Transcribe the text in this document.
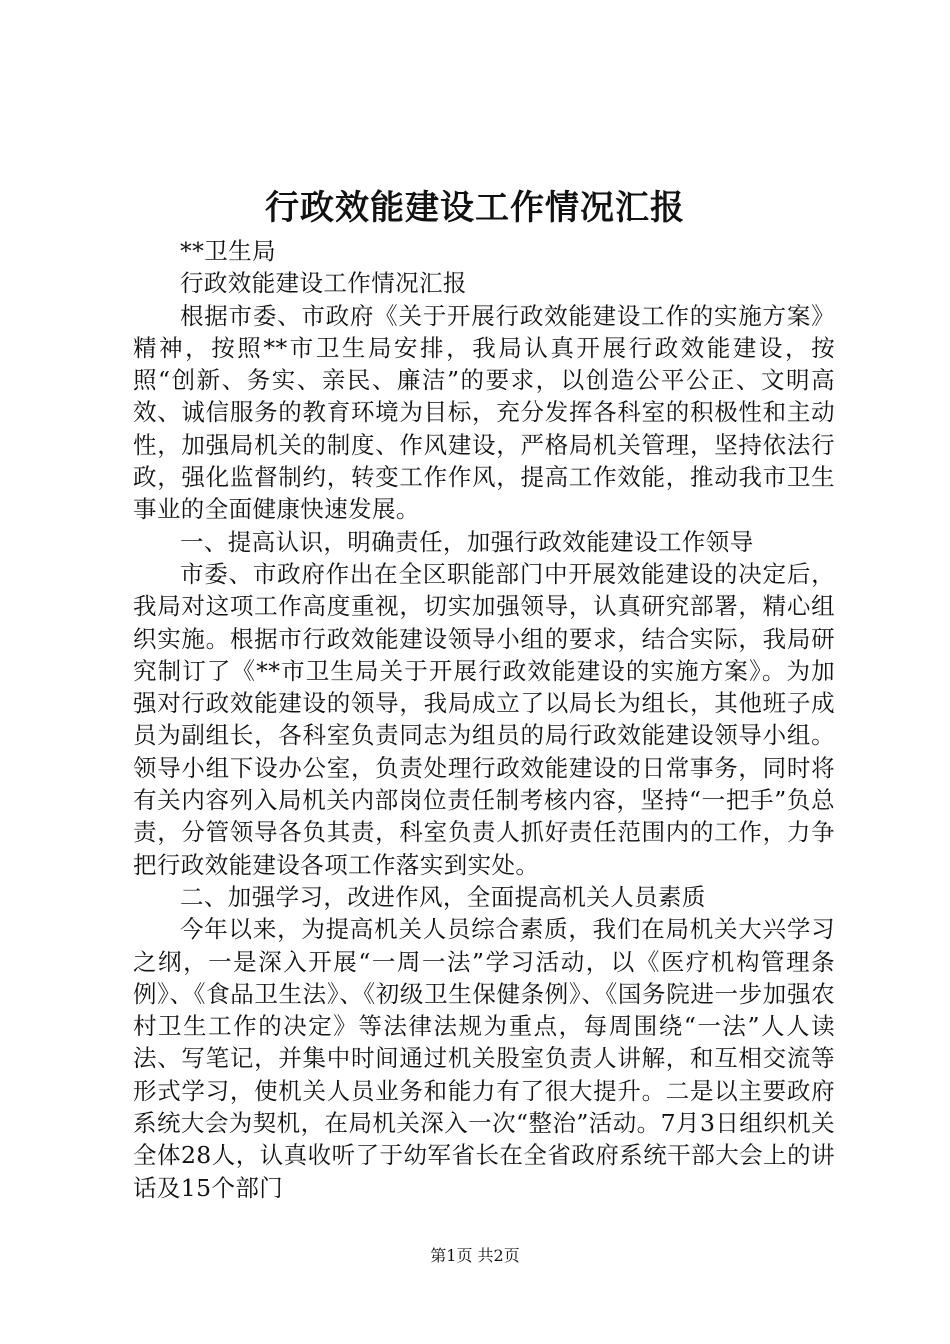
行政效能建设工作情况汇报

**卫生局

行政效能建设工作情况汇报

根据市委、市政府《关于开展行政效能建设工作的实施方案》精神，按照**市卫生局安排，我局认真开展行政效能建设，按照“创新、务实、亲民、廉洁”的要求，以创造公平公正、文明高效、诚信服务的教育环境为目标，充分发挥各科室的积极性和主动性，加强局机关的制度、作风建设，严格局机关管理，坚持依法行政，强化监督制约，转变工作作风，提高工作效能，推动我市卫生事业的全面健康快速发展。

一、提高认识，明确责任，加强行政效能建设工作领导

市委、市政府作出在全区职能部门中开展效能建设的决定后，我局对这项工作高度重视，切实加强领导，认真研究部署，精心组织实施。根据市行政效能建设领导小组的要求，结合实际，我局研究制订了《**市卫生局关于开展行政效能建设的实施方案》。为加强对行政效能建设的领导，我局成立了以局长为组长，其他班子成员为副组长，各科室负责同志为组员的局行政效能建设领导小组。领导小组下设办公室，负责处理行政效能建设的日常事务，同时将有关内容列入局机关内部岗位责任制考核内容，坚持“一把手”负总责，分管领导各负其责，科室负责人抓好责任范围内的工作，力争把行政效能建设各项工作落实到实处。

二、加强学习，改进作风，全面提高机关人员素质

今年以来，为提高机关人员综合素质，我们在局机关大兴学习之纲，一是深入开展“一周一法”学习活动，以《医疗机构管理条例》、《食品卫生法》、《初级卫生保健条例》、《国务院进一步加强农村卫生工作的决定》等法律法规为重点，每周围绕“一法”人人读法、写笔记，并集中时间通过机关股室负责人讲解，和互相交流等形式学习，使机关人员业务和能力有了很大提升。二是以主要政府系统大会为契机，在局机关深入一次“整治”活动。7月3日组织机关全体28人，认真收听了于幼军省长在全省政府系统干部大会上的讲话及15个部门

第1页 共2页
